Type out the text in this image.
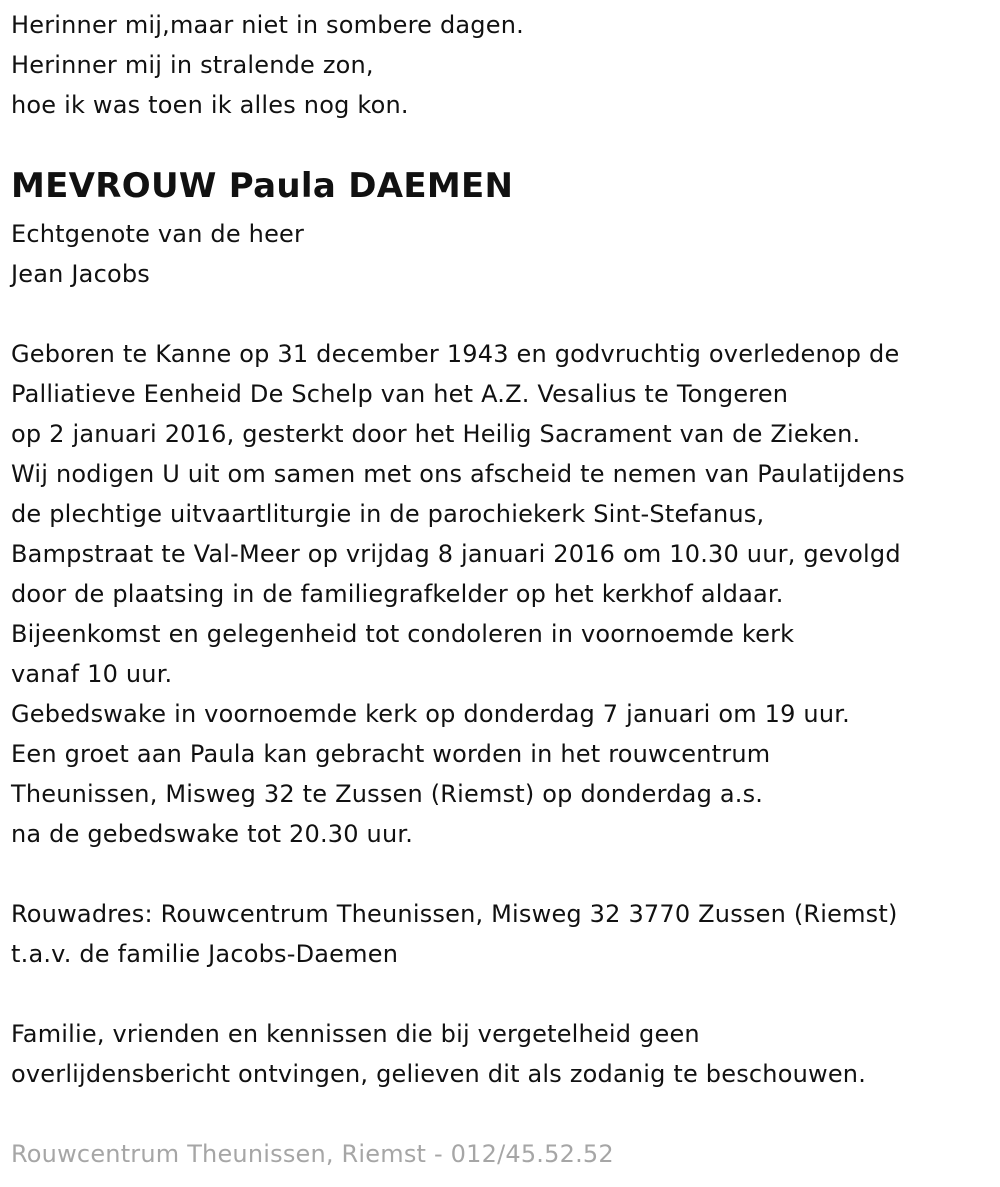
Herinner mij,maar niet in sombere dagen.
Herinner mij in stralende zon,
hoe ik was toen ik alles nog kon.
MEVROUW Paula DAEMEN
Echtgenote van de heer
Jean Jacobs
Geboren te Kanne op 31 december 1943 en godvruchtig overledenop de
Palliatieve Eenheid De Schelp van het A.Z. Vesalius te Tongeren
op 2 januari 2016, gesterkt door het Heilig Sacrament van de Zieken.
Wij nodigen U uit om samen met ons afscheid te nemen van Paulatijdens
de plechtige uitvaartliturgie in de parochiekerk Sint-Stefanus,
Bampstraat te Val-Meer op vrijdag 8 januari 2016 om 10.30 uur, gevolgd
door de plaatsing in de familiegrafkelder op het kerkhof aldaar.
Bijeenkomst en gelegenheid tot condoleren in voornoemde kerk
vanaf 10 uur.
Gebedswake in voornoemde kerk op donderdag 7 januari om 19 uur.
Een groet aan Paula kan gebracht worden in het rouwcentrum
Theunissen, Misweg 32 te Zussen (Riemst) op donderdag a.s.
na de gebedswake tot 20.30 uur.
Rouwadres: Rouwcentrum Theunissen, Misweg 32 3770 Zussen (Riemst)
t.a.v. de familie Jacobs-Daemen
Familie, vrienden en kennissen die bij vergetelheid geen
overlijdensbericht ontvingen, gelieven dit als zodanig te beschouwen.
Rouwcentrum Theunissen, Riemst - 012/45.52.52
